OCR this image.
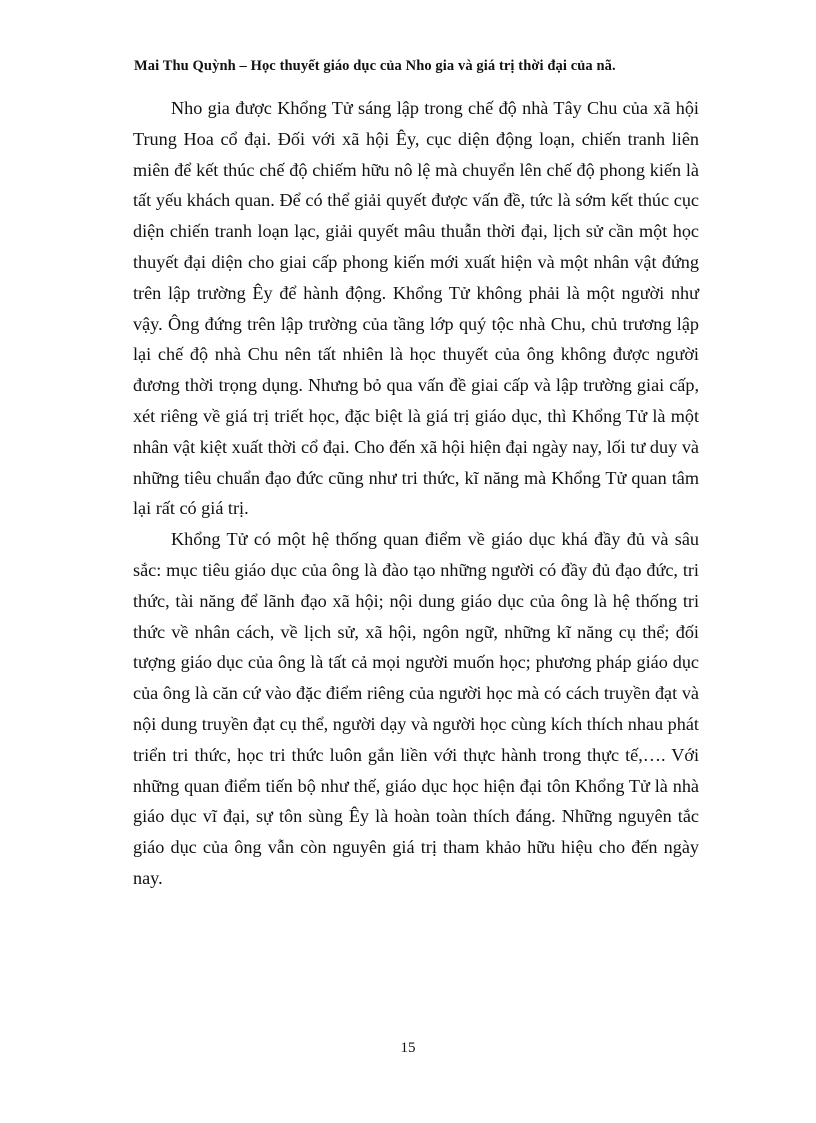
Mai Thu Quỳnh – Học thuyết giáo dục của Nho gia và giá trị thời đại của nã.

Nho gia được Khổng Tử sáng lập trong chế độ nhà Tây Chu của xã hội Trung Hoa cổ đại. Đối với xã hội Êy, cục diện động loạn, chiến tranh liên miên để kết thúc chế độ chiếm hữu nô lệ mà chuyển lên chế độ phong kiến là tất yếu khách quan. Để có thể giải quyết được vấn đề, tức là sớm kết thúc cục diện chiến tranh loạn lạc, giải quyết mâu thuẫn thời đại, lịch sử cần một học thuyết đại diện cho giai cấp phong kiến mới xuất hiện và một nhân vật đứng trên lập trường Êy để hành động. Khổng Tử không phải là một người như vậy. Ông đứng trên lập trường của tầng lớp quý tộc nhà Chu, chủ trương lập lại chế độ nhà Chu nên tất nhiên là học thuyết của ông không được người đương thời trọng dụng. Nhưng bỏ qua vấn đề giai cấp và lập trường giai cấp, xét riêng về giá trị triết học, đặc biệt là giá trị giáo dục, thì Khổng Tử là một nhân vật kiệt xuất thời cổ đại. Cho đến xã hội hiện đại ngày nay, lối tư duy và những tiêu chuẩn đạo đức cũng như tri thức, kĩ năng mà Khổng Tử quan tâm lại rất có giá trị.

Khổng Tử có một hệ thống quan điểm về giáo dục khá đầy đủ và sâu sắc: mục tiêu giáo dục của ông là đào tạo những người có đầy đủ đạo đức, tri thức, tài năng để lãnh đạo xã hội; nội dung giáo dục của ông là hệ thống tri thức về nhân cách, về lịch sử, xã hội, ngôn ngữ, những kĩ năng cụ thể; đối tượng giáo dục của ông là tất cả mọi người muốn học; phương pháp giáo dục của ông là căn cứ vào đặc điểm riêng của người học mà có cách truyền đạt và nội dung truyền đạt cụ thể, người dạy và người học cùng kích thích nhau phát triển tri thức, học tri thức luôn gắn liền với thực hành trong thực tế,…. Với những quan điểm tiến bộ như thế, giáo dục học hiện đại tôn Khổng Tử là nhà giáo dục vĩ đại, sự tôn sùng Êy là hoàn toàn thích đáng. Những nguyên tắc giáo dục của ông vẫn còn nguyên giá trị tham khảo hữu hiệu cho đến ngày nay.

15
